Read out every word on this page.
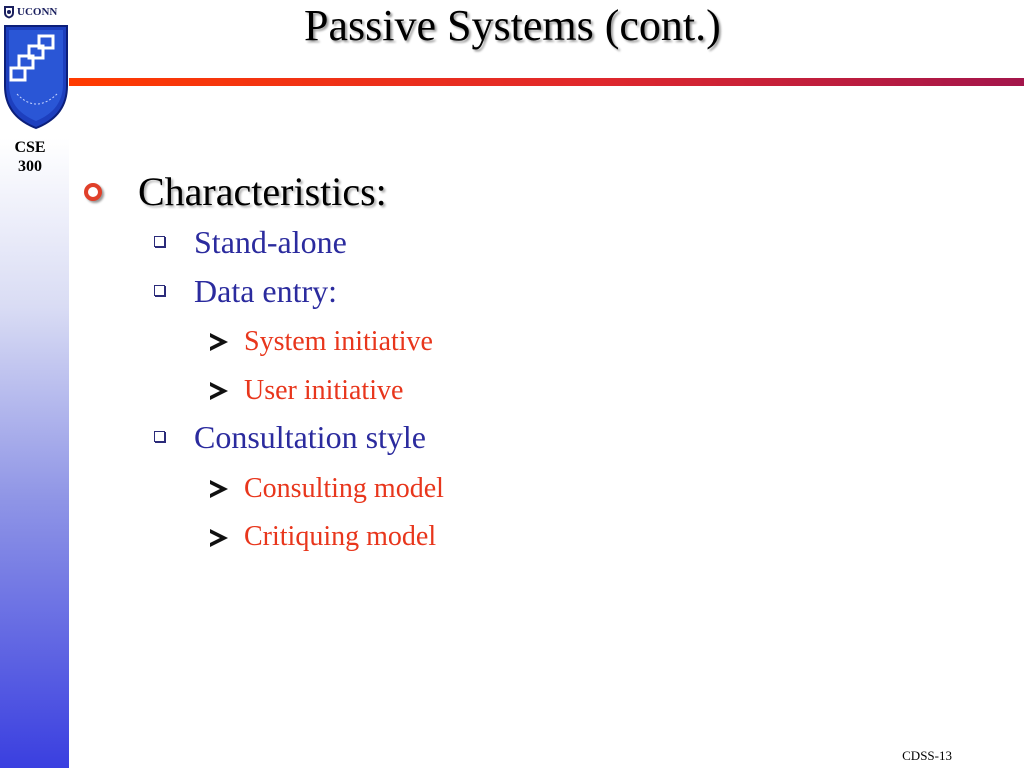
UCONN
CSE
300
Passive Systems (cont.)
Characteristics:
Stand-alone
Data entry:
System initiative
User initiative
Consultation style
Consulting model
Critiquing model
CDSS-13
